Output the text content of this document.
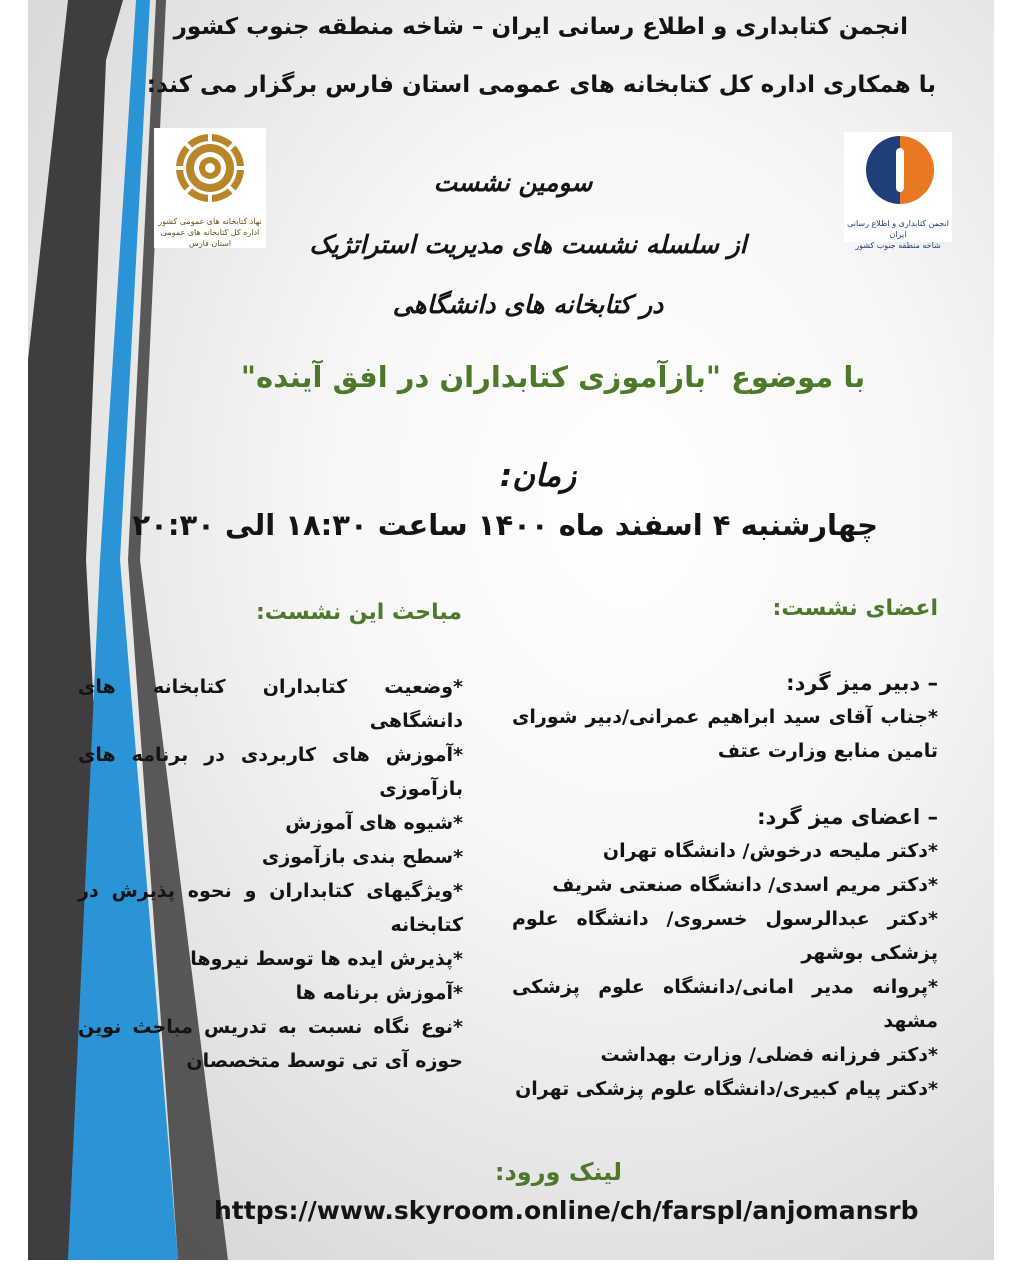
انجمن کتابداری و اطلاع رسانی ایران – شاخه منطقه جنوب کشور
با همکاری اداره کل کتابخانه های عمومی استان فارس برگزار می کند:
نهاد کتابخانه های عمومی کشور
اداره کل کتابخانه های عمومی استان فارس
انجمن کتابداری و اطلاع رسانی ایران
شاخه منطقه جنوب کشور
سومین نشست
از سلسله نشست های مدیریت استراتژیک
در کتابخانه های دانشگاهی
با موضوع "بازآموزی کتابداران در افق آینده"
زمان:
چهارشنبه ۴ اسفند ماه ۱۴۰۰ ساعت ۱۸:۳۰ الی ۲۰:۳۰
اعضای نشست:
– دبیر میز گرد:
*جناب آقای سید ابراهیم عمرانی/دبیر شورای تامین منابع وزارت عتف
– اعضای میز گرد:
*دکتر ملیحه درخوش/ دانشگاه تهران
*دکتر مریم اسدی/ دانشگاه صنعتی شریف
*دکتر عبدالرسول خسروی/ دانشگاه علوم پزشکی بوشهر
*پروانه مدیر امانی/دانشگاه علوم پزشکی مشهد
*دکتر فرزانه فضلی/ وزارت بهداشت
*دکتر پیام کبیری/دانشگاه علوم پزشکی تهران
مباحث این نشست:
*وضعیت کتابداران کتابخانه های دانشگاهی
*آموزش های کاربردی در برنامه های بازآموزی
*شیوه های آموزش
*سطح بندی بازآموزی
*ویژگیهای کتابداران و نحوه پذیرش در کتابخانه
*پذیرش ایده ها توسط نیروها
*آموزش برنامه ها
*نوع نگاه نسبت به تدریس مباحث نوین حوزه آی تی توسط متخصصان
لینک ورود:
https://www.skyroom.online/ch/farspl/anjomansrb
